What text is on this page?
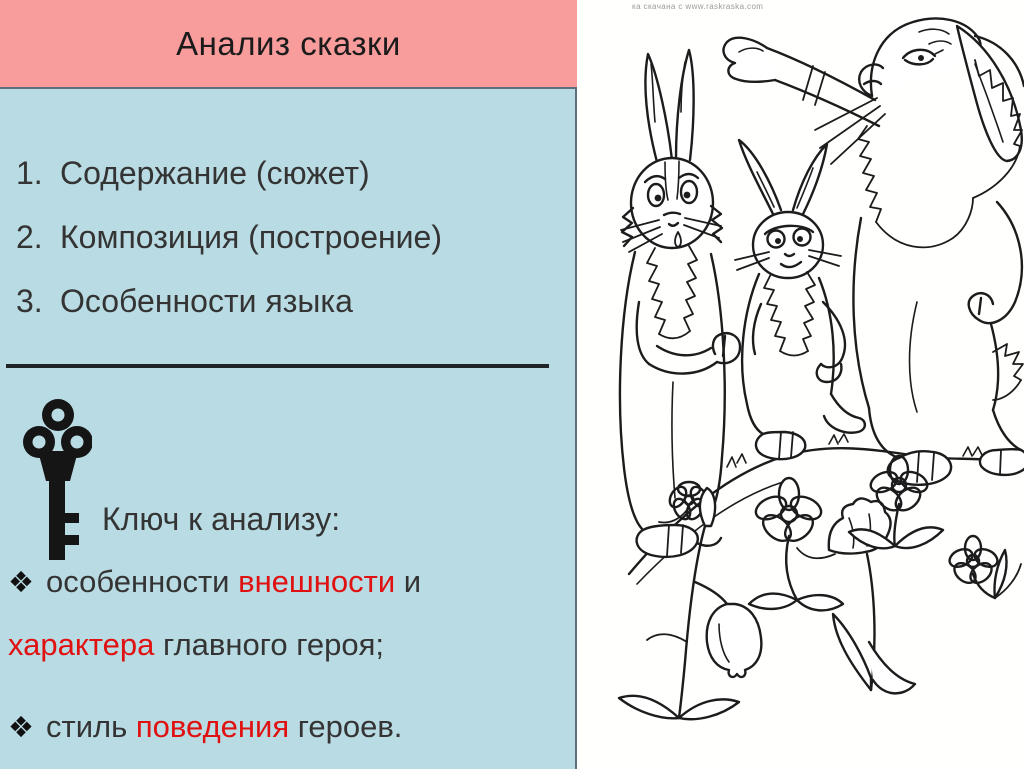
Анализ сказки
1. Содержание (сюжет)
2. Композиция (построение)
3. Особенности языка
Ключ к анализу:

❖ особенности внешности и характера главного героя;

❖ стиль поведения героев.

ка скачана с www.raskraska.com
